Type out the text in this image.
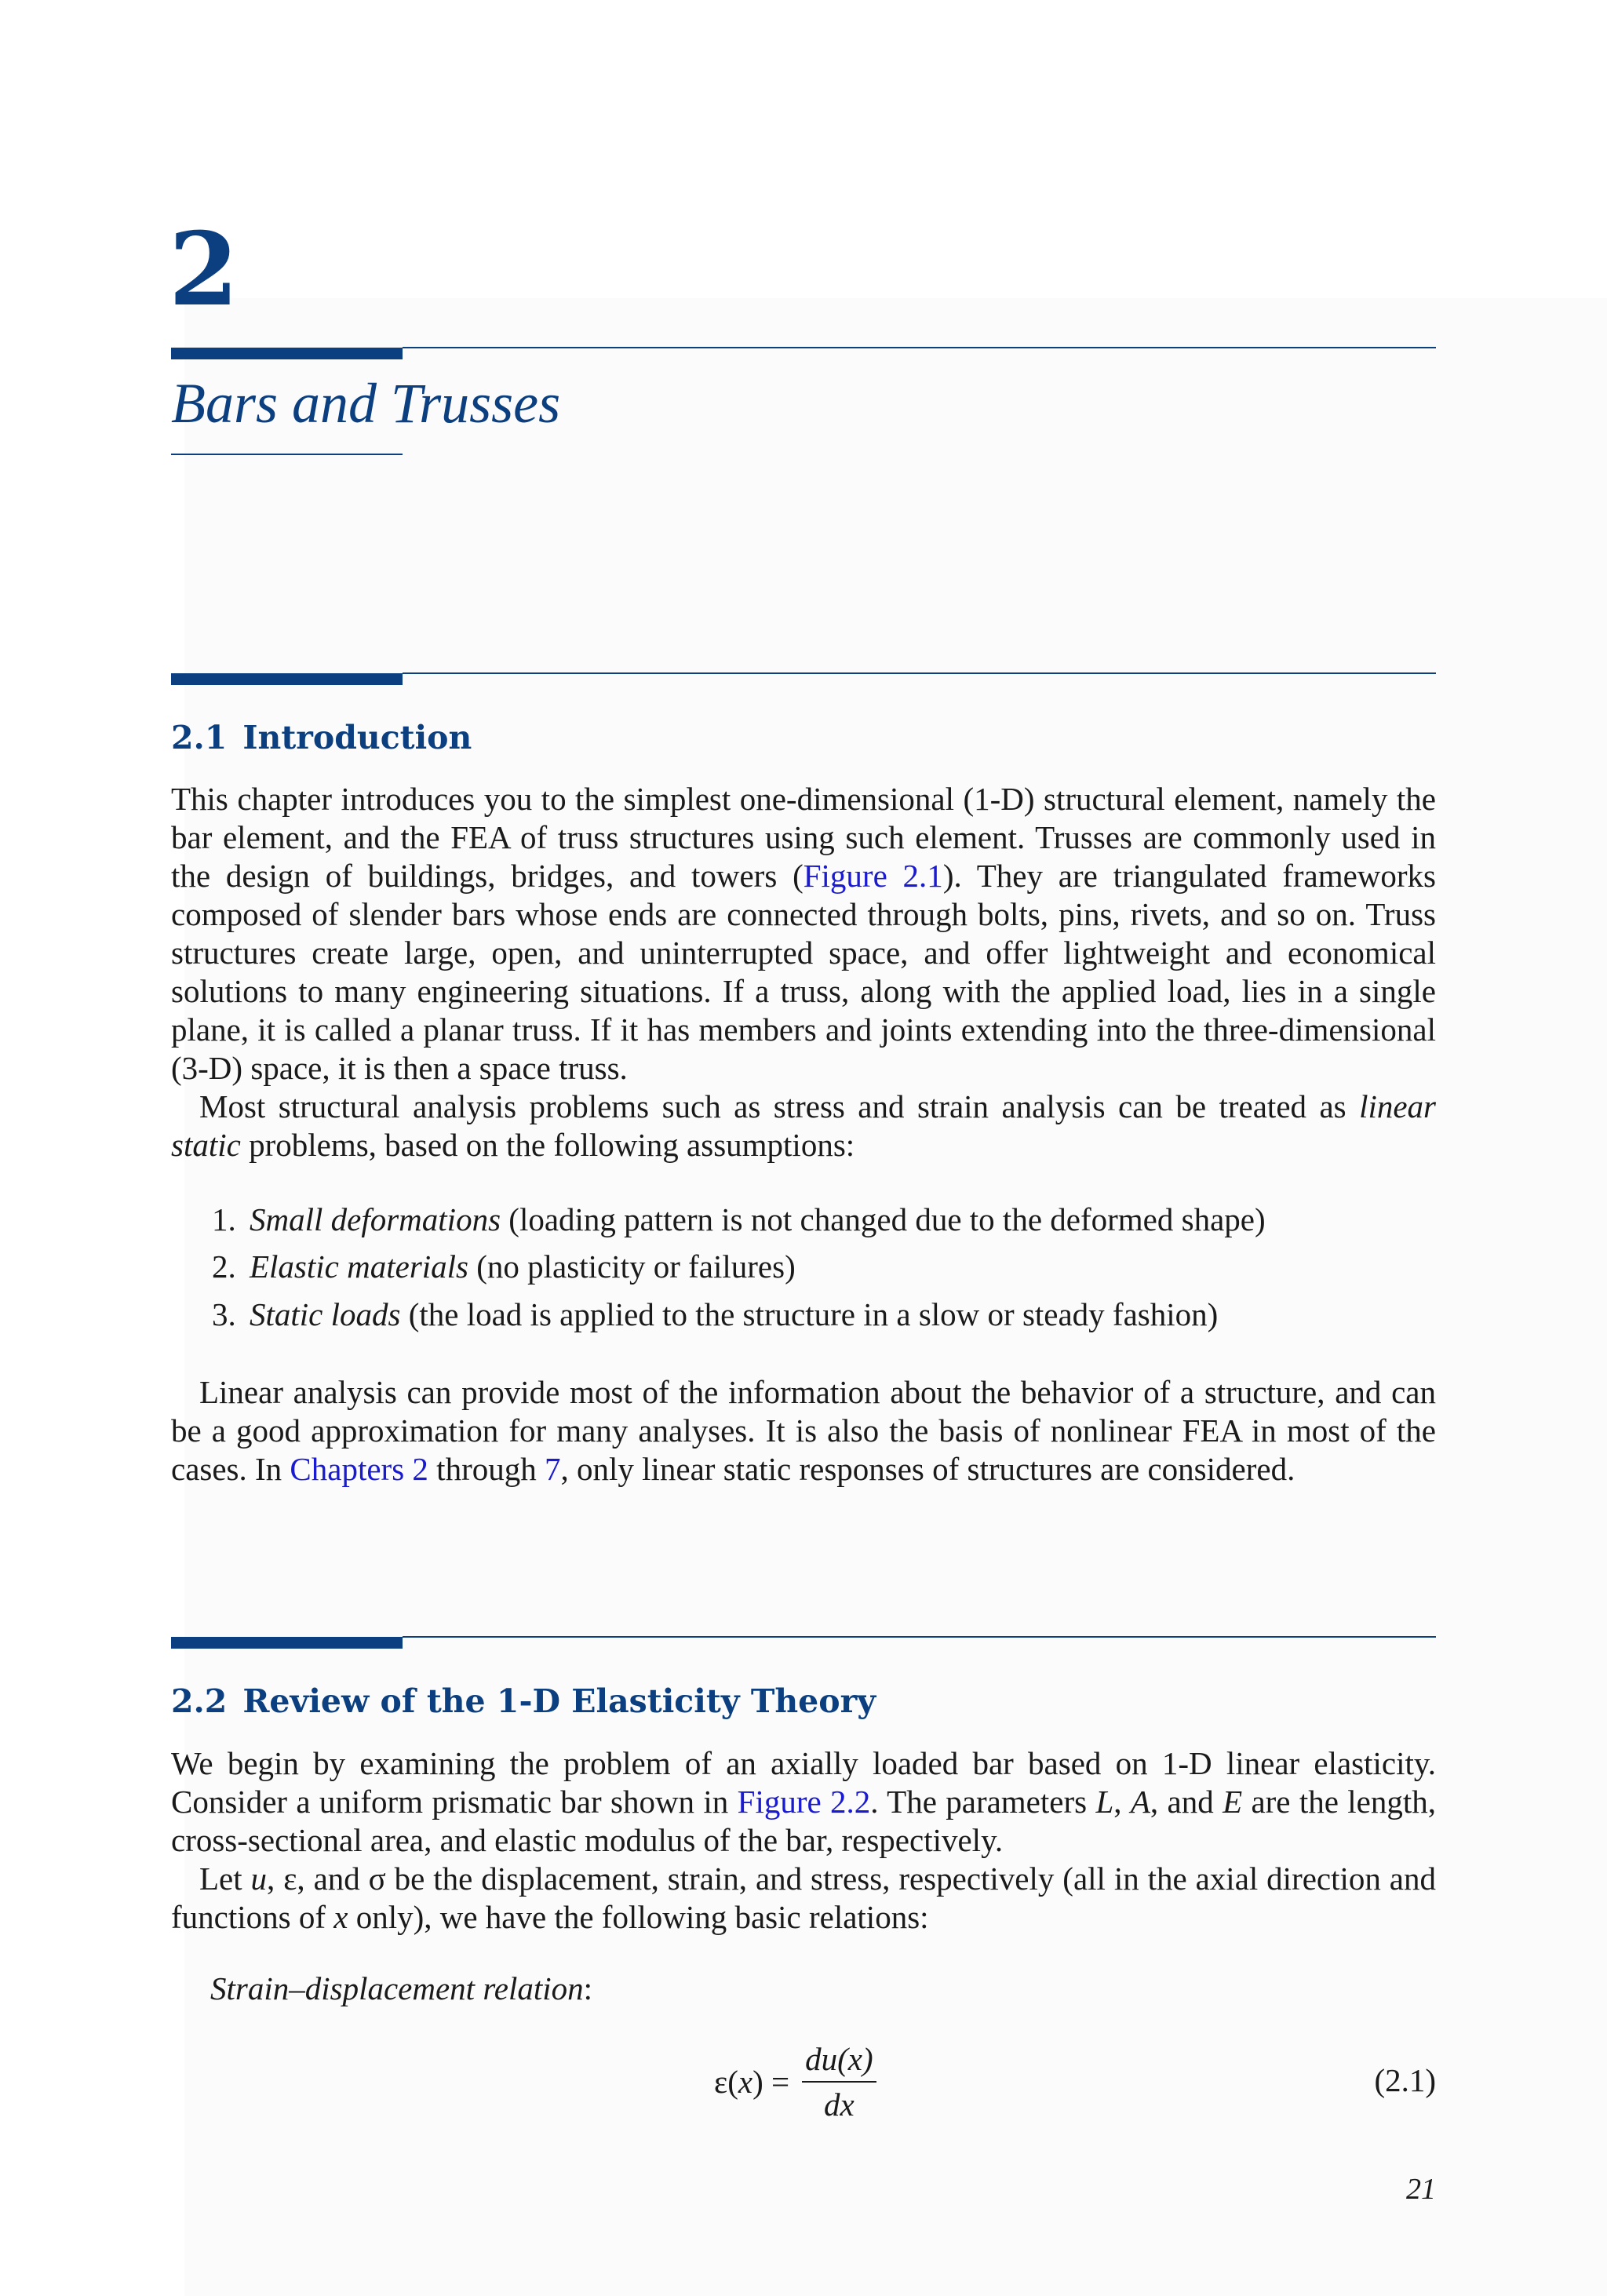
2
Bars and Trusses
2.1 Introduction

This chapter introduces you to the simplest one-dimensional (1-D) structural element, namely the bar element, and the FEA of truss structures using such element. Trusses are commonly used in the design of buildings, bridges, and towers (Figure 2.1). They are triangulated frameworks composed of slender bars whose ends are connected through bolts, pins, rivets, and so on. Truss structures create large, open, and uninterrupted space, and offer lightweight and economical solutions to many engineering situations. If a truss, along with the applied load, lies in a single plane, it is called a planar truss. If it has members and joints extending into the three-dimensional (3-D) space, it is then a space truss.

Most structural analysis problems such as stress and strain analysis can be treated as linear static problems, based on the following assumptions:

1. Small deformations (loading pattern is not changed due to the deformed shape)
2. Elastic materials (no plasticity or failures)
3. Static loads (the load is applied to the structure in a slow or steady fashion)

Linear analysis can provide most of the information about the behavior of a structure, and can be a good approximation for many analyses. It is also the basis of nonlinear FEA in most of the cases. In Chapters 2 through 7, only linear static responses of structures are considered.

2.2 Review of the 1-D Elasticity Theory

We begin by examining the problem of an axially loaded bar based on 1-D linear elasticity. Consider a uniform prismatic bar shown in Figure 2.2. The parameters L, A, and E are the length, cross-sectional area, and elastic modulus of the bar, respectively.

Let u, ε, and σ be the displacement, strain, and stress, respectively (all in the axial direction and functions of x only), we have the following basic relations:

Strain–displacement relation:
ε( x ) = $\frac{du(x)}{dx}$	(2.1)
21
